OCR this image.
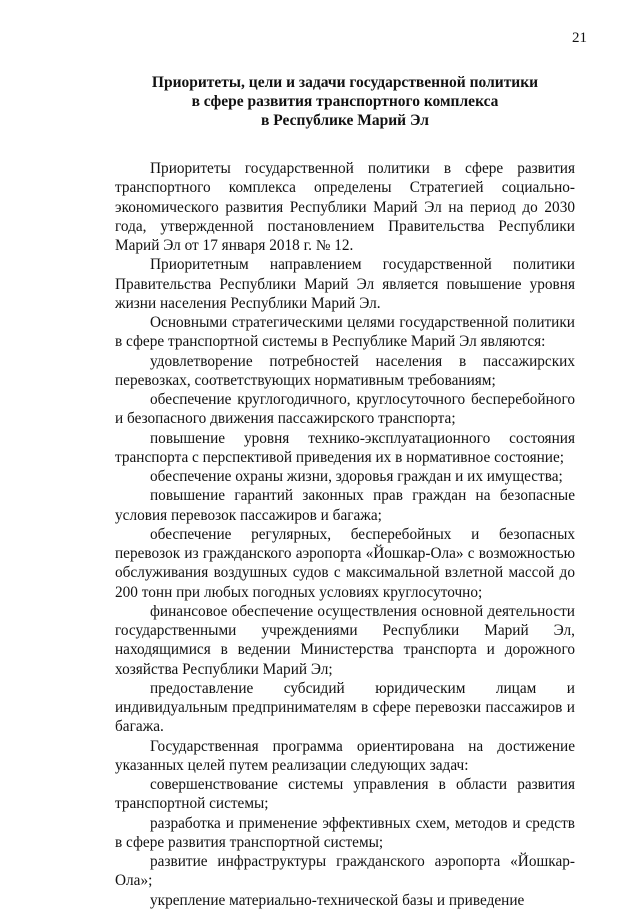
21
Приоритеты, цели и задачи государственной политики
в сфере развития транспортного комплекса
в Республике Марий Эл

Приоритеты государственной политики в сфере развития транспортного комплекса определены Стратегией социально-экономического развития Республики Марий Эл на период до 2030 года, утвержденной постановлением Правительства Республики Марий Эл от 17 января 2018 г. № 12.

Приоритетным направлением государственной политики Правительства Республики Марий Эл является повышение уровня жизни населения Республики Марий Эл.

Основными стратегическими целями государственной политики в сфере транспортной системы в Республике Марий Эл являются:

удовлетворение потребностей населения в пассажирских перевозках, соответствующих нормативным требованиям;

обеспечение круглогодичного, круглосуточного бесперебойного и безопасного движения пассажирского транспорта;

повышение уровня технико-эксплуатационного состояния транспорта с перспективой приведения их в нормативное состояние;

обеспечение охраны жизни, здоровья граждан и их имущества;

повышение гарантий законных прав граждан на безопасные условия перевозок пассажиров и багажа;

обеспечение регулярных, бесперебойных и безопасных перевозок из гражданского аэропорта «Йошкар-Ола» с возможностью обслуживания воздушных судов с максимальной взлетной массой до 200 тонн при любых погодных условиях круглосуточно;

финансовое обеспечение осуществления основной деятельности государственными учреждениями Республики Марий Эл, находящимися в ведении Министерства транспорта и дорожного хозяйства Республики Марий Эл;

предоставление субсидий юридическим лицам и индивидуальным предпринимателям в сфере перевозки пассажиров и багажа.

Государственная программа ориентирована на достижение указанных целей путем реализации следующих задач:

совершенствование системы управления в области развития транспортной системы;

разработка и применение эффективных схем, методов и средств в сфере развития транспортной системы;

развитие инфраструктуры гражданского аэропорта «Йошкар-Ола»;

укрепление материально-технической базы и приведение
